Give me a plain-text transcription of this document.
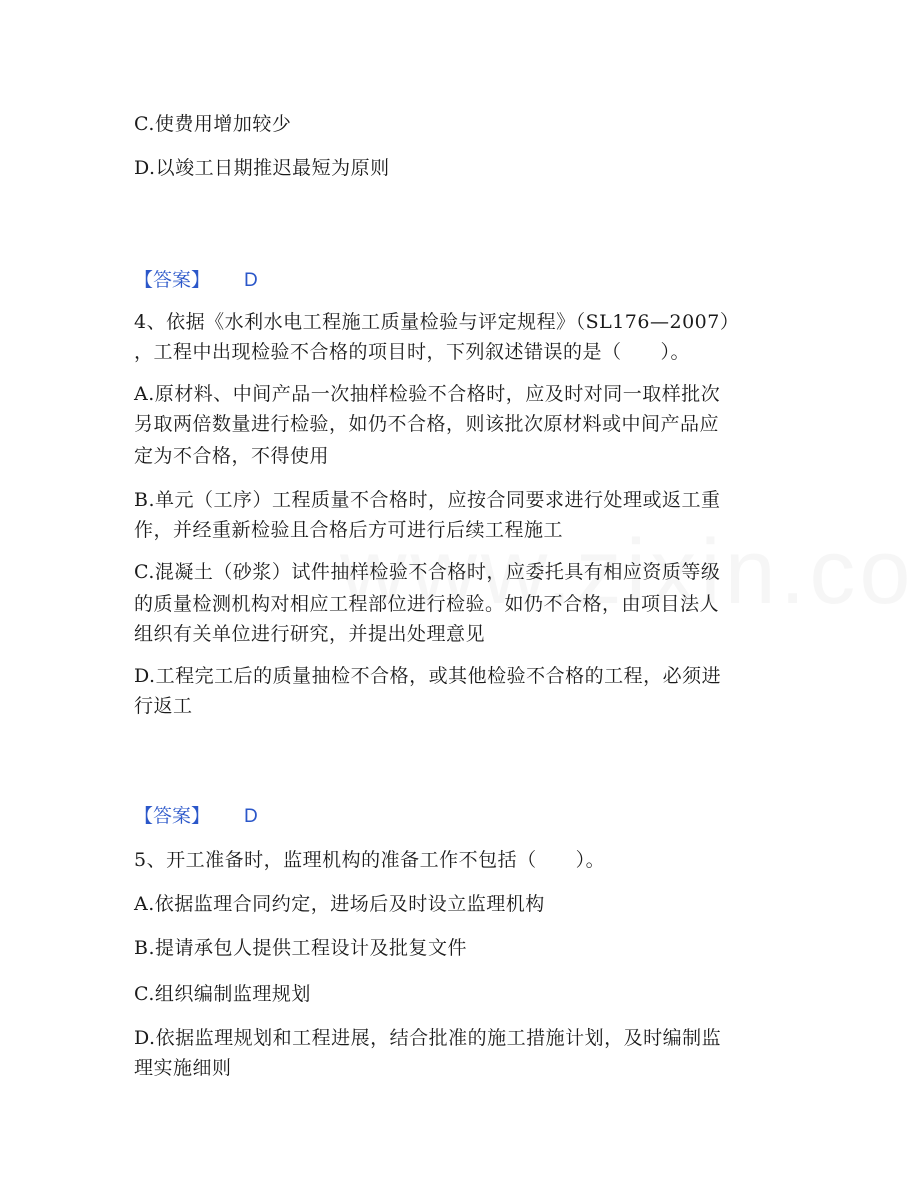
C.使费用增加较少
D.以竣工日期推迟最短为原则
【答案】 D
4、依据《水利水电工程施工质量检验与评定规程》（SL176—2007）
，工程中出现检验不合格的项目时，下列叙述错误的是（　　）。
A.原材料、中间产品一次抽样检验不合格时，应及时对同一取样批次
另取两倍数量进行检验，如仍不合格，则该批次原材料或中间产品应
定为不合格，不得使用
B.单元（工序）工程质量不合格时，应按合同要求进行处理或返工重
作，并经重新检验且合格后方可进行后续工程施工
C.混凝土（砂浆）试件抽样检验不合格时，应委托具有相应资质等级
的质量检测机构对相应工程部位进行检验。如仍不合格，由项目法人
组织有关单位进行研究，并提出处理意见
D.工程完工后的质量抽检不合格，或其他检验不合格的工程，必须进
行返工
【答案】 D
5、开工准备时，监理机构的准备工作不包括（　　）。
A.依据监理合同约定，进场后及时设立监理机构
B.提请承包人提供工程设计及批复文件
C.组织编制监理规划
D.依据监理规划和工程进展，结合批准的施工措施计划，及时编制监
理实施细则
